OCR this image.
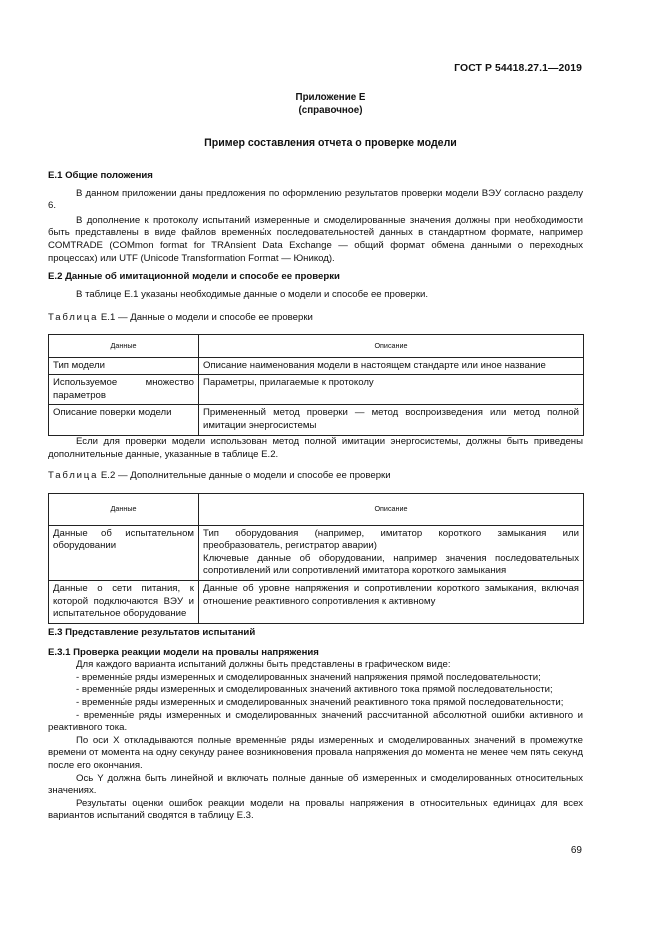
ГОСТ Р 54418.27.1—2019
Приложение Е
(справочное)
Пример составления отчета о проверке модели
Е.1 Общие положения
В данном приложении даны предложения по оформлению результатов проверки модели ВЭУ согласно разделу 6.
В дополнение к протоколу испытаний измеренные и смоделированные значения должны при необходимости быть представлены в виде файлов временны́х последовательностей данных в стандартном формате, например COMTRADE (COMmon format for TRAnsient Data Exchange — общий формат обмена данными о переходных процессах) или UTF (Unicode Transformation Format — Юникод).
Е.2 Данные об имитационной модели и способе ее проверки
В таблице Е.1 указаны необходимые данные о модели и способе ее проверки.
Таблица Е.1 — Данные о модели и способе ее проверки
Данные	Описание
Тип модели	Описание наименования модели в настоящем стандарте или иное название
Используемое множество параметров	Параметры, прилагаемые к протоколу
Описание поверки модели	Примененный метод проверки — метод воспроизведения или метод полной имитации энергосистемы
Если для проверки модели использован метод полной имитации энергосистемы, должны быть приведены дополнительные данные, указанные в таблице Е.2.
Таблица Е.2 — Дополнительные данные о модели и способе ее проверки
Данные	Описание
Данные об испытательном оборудовании	Тип оборудования (например, имитатор короткого замыкания или преобразователь, регистратор аварии)
Ключевые данные об оборудовании, например значения последовательных сопротивлений или сопротивлений имитатора короткого замыкания

Данные о сети питания, к которой подключаются ВЭУ и испытательное оборудование	Данные об уровне напряжения и сопротивлении короткого замыкания, включая отношение реактивного сопротивления к активному
Е.3 Представление результатов испытаний
Е.3.1 Проверка реакции модели на провалы напряжения
Для каждого варианта испытаний должны быть представлены в графическом виде:
- временны́е ряды измеренных и смоделированных значений напряжения прямой последовательности;
- временны́е ряды измеренных и смоделированных значений активного тока прямой последовательности;
- временны́е ряды измеренных и смоделированных значений реактивного тока прямой последовательности;
- временны́е ряды измеренных и смоделированных значений рассчитанной абсолютной ошибки активного и реактивного тока.
По оси X откладываются полные временны́е ряды измеренных и смоделированных значений в промежутке времени от момента на одну секунду ранее возникновения провала напряжения до момента не менее чем пять секунд после его окончания.
Ось Y должна быть линейной и включать полные данные об измеренных и смоделированных относительных значениях.
Результаты оценки ошибок реакции модели на провалы напряжения в относительных единицах для всех вариантов испытаний сводятся в таблицу Е.3.
69
